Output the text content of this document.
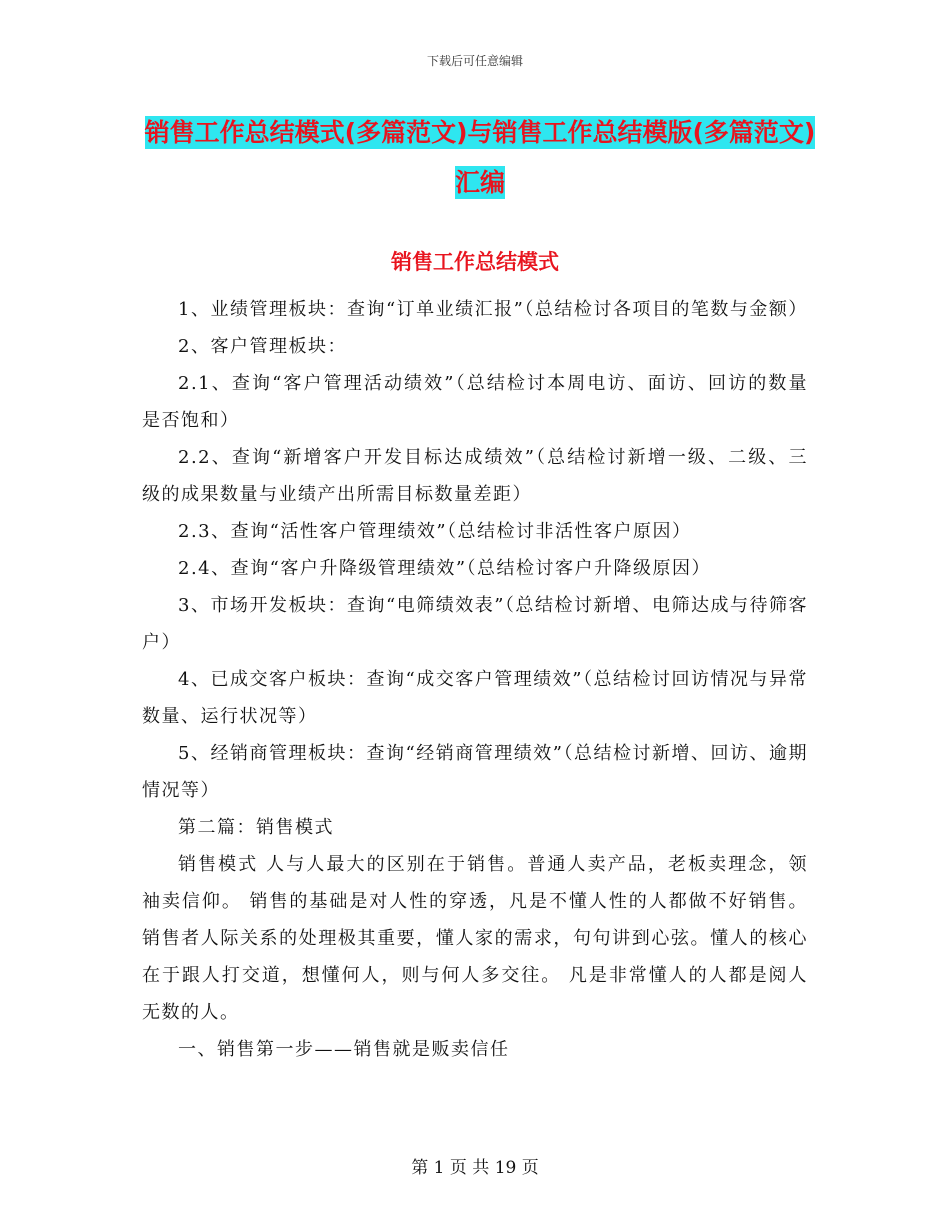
下载后可任意编辑
销售工作总结模式(多篇范文)与销售工作总结模版(多篇范文)汇编
销售工作总结模式

1、业绩管理板块：查询“订单业绩汇报”（总结检讨各项目的笔数与金额）

2、客户管理板块：

2.1、查询“客户管理活动绩效”（总结检讨本周电访、面访、回访的数量是否饱和）

2.2、查询“新增客户开发目标达成绩效”（总结检讨新增一级、二级、三级的成果数量与业绩产出所需目标数量差距）

2.3、查询“活性客户管理绩效”（总结检讨非活性客户原因）

2.4、查询“客户升降级管理绩效”（总结检讨客户升降级原因）

3、市场开发板块：查询“电筛绩效表”（总结检讨新增、电筛达成与待筛客户）

4、已成交客户板块：查询“成交客户管理绩效”（总结检讨回访情况与异常数量、运行状况等）

5、经销商管理板块：查询“经销商管理绩效”（总结检讨新增、回访、逾期情况等）

第二篇：销售模式

销售模式 人与人最大的区别在于销售。普通人卖产品，老板卖理念，领袖卖信仰。 销售的基础是对人性的穿透，凡是不懂人性的人都做不好销售。销售者人际关系的处理极其重要，懂人家的需求，句句讲到心弦。懂人的核心在于跟人打交道，想懂何人，则与何人多交往。 凡是非常懂人的人都是阅人无数的人。

一、销售第一步——销售就是贩卖信任

第 1 页 共 19 页
